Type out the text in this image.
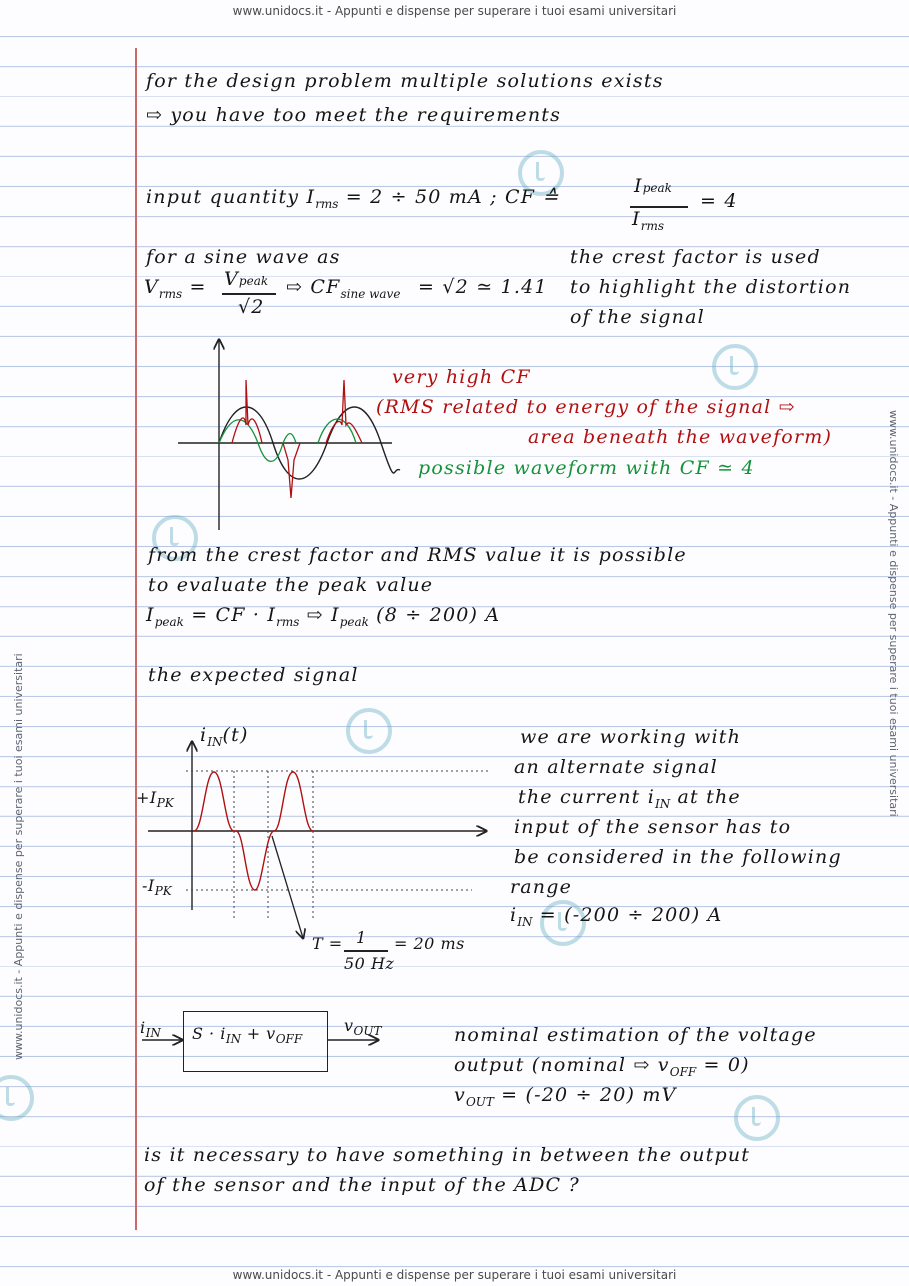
www.unidocs.it - Appunti e dispense per superare i tuoi esami universitari
www.unidocs.it - Appunti e dispense per superare i tuoi esami universitari
www.unidocs.it - Appunti e dispense per superare i tuoi esami universitari
www.unidocs.it - Appunti e dispense per superare i tuoi esami universitari
for the design problem multiple solutions exists
⇨ you have too meet the requirements
input quantity $I_{rms} = 2 \div 50$ mA ; CF ≙	Ipeak
$I_{rms}$
= 4
for a sine wave as
$V_{rms}$ = Vpeak
√2
⇨ $CF_{sine wave} = √2$ ≃ 1.41
the crest factor is used
to highlight the distortion
of the signal
very high CF
(RMS related to energy of the signal ⇨
area beneath the waveform)
possible waveform with CF ≃ 4
from the crest factor and RMS value it is possible
to evaluate the peak value
$I_{peak}$ = CF · $I_{rms}$ ⇨ $I_{peak}$ (8 ÷ 200) A
the expected signal
$i_{IN}(t)$
$+I_{PK}$
$-I_{PK}$
T = 1
50 Hz
= 20 ms
we are working with
an alternate signal
the current $i_{IN}$ at the
input of the sensor has to
be considered in the following
range
$i_{IN} = (-200 \div 200)$ A
$i_{IN}$ $S \cdot i_{IN} + v_{OFF}$
$v_{OUT}$	nominal estimation of the voltage
output (nominal ⇨ $v_{OFF} = 0$)
$v_{OUT} = (-20 \div 20)$ mV
is it necessary to have something in between the output
of the sensor and the input of the ADC ?
